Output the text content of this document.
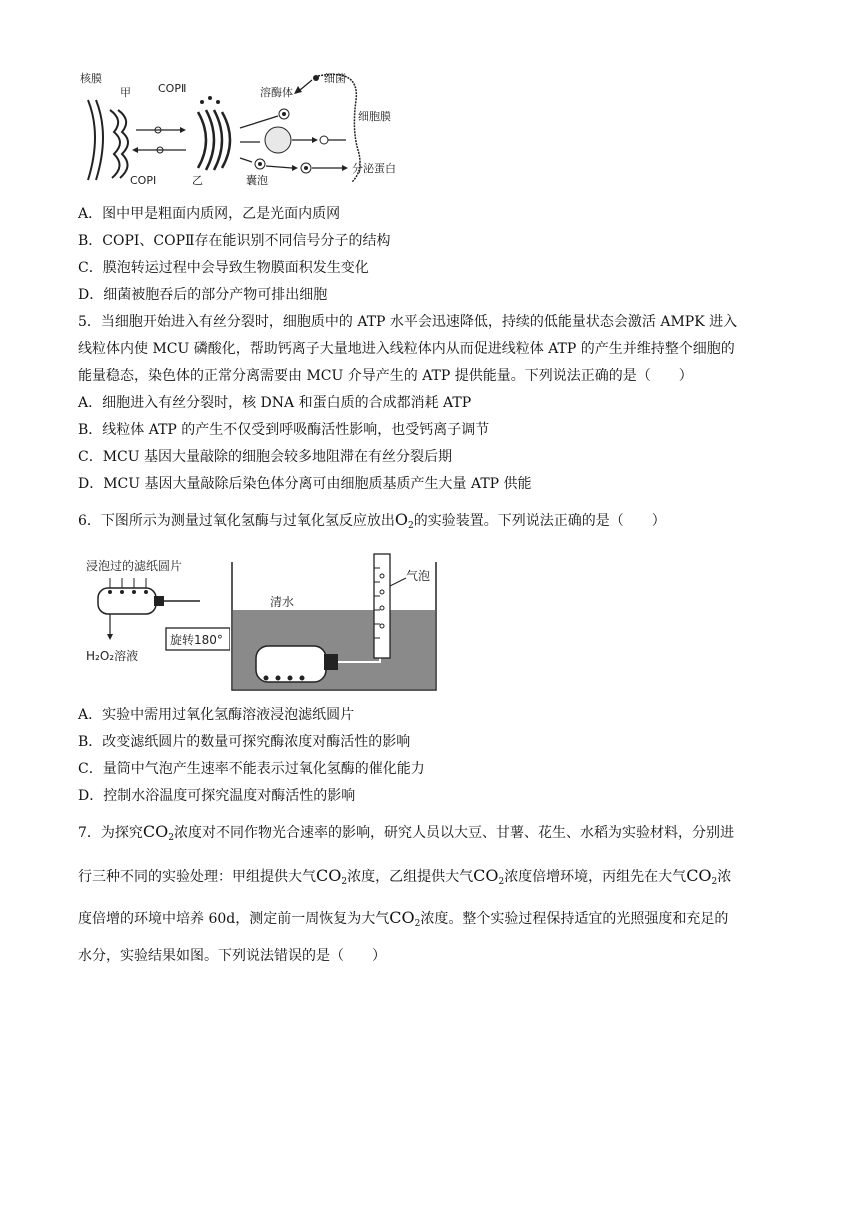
核膜
甲 COPⅡ
COPⅠ	乙
溶酶体
细菌
细胞膜
囊泡
分泌蛋白
A．图中甲是粗面内质网，乙是光面内质网
B．COPⅠ、COPⅡ存在能识别不同信号分子的结构
C．膜泡转运过程中会导致生物膜面积发生变化
D．细菌被胞吞后的部分产物可排出细胞
5．当细胞开始进入有丝分裂时，细胞质中的 ATP 水平会迅速降低，持续的低能量状态会激活 AMPK 进入
线粒体内使 MCU 磷酸化，帮助钙离子大量地进入线粒体内从而促进线粒体 ATP 的产生并维持整个细胞的
能量稳态，染色体的正常分离需要由 MCU 介导产生的 ATP 提供能量。下列说法正确的是（　　）
A．细胞进入有丝分裂时，核 DNA 和蛋白质的合成都消耗 ATP
B．线粒体 ATP 的产生不仅受到呼吸酶活性影响，也受钙离子调节
C．MCU 基因大量敲除的细胞会较多地阻滞在有丝分裂后期
D．MCU 基因大量敲除后染色体分离可由细胞质基质产生大量 ATP 供能
6．下图所示为测量过氧化氢酶与过氧化氢反应放出$O_2$的实验装置。下列说法正确的是（　　）
浸泡过的滤纸圆片
H₂O₂溶液
旋转180°
清水
气泡
A．实验中需用过氧化氢酶溶液浸泡滤纸圆片
B．改变滤纸圆片的数量可探究酶浓度对酶活性的影响
C．量筒中气泡产生速率不能表示过氧化氢酶的催化能力
D．控制水浴温度可探究温度对酶活性的影响
7．为探究$CO_2$浓度对不同作物光合速率的影响，研究人员以大豆、甘薯、花生、水稻为实验材料，分别进
行三种不同的实验处理：甲组提供大气$CO_2$浓度，乙组提供大气$CO_2$浓度倍增环境，丙组先在大气$CO_2$浓
度倍增的环境中培养 60d，测定前一周恢复为大气$CO_2$浓度。整个实验过程保持适宜的光照强度和充足的
水分，实验结果如图。下列说法错误的是（　　）
